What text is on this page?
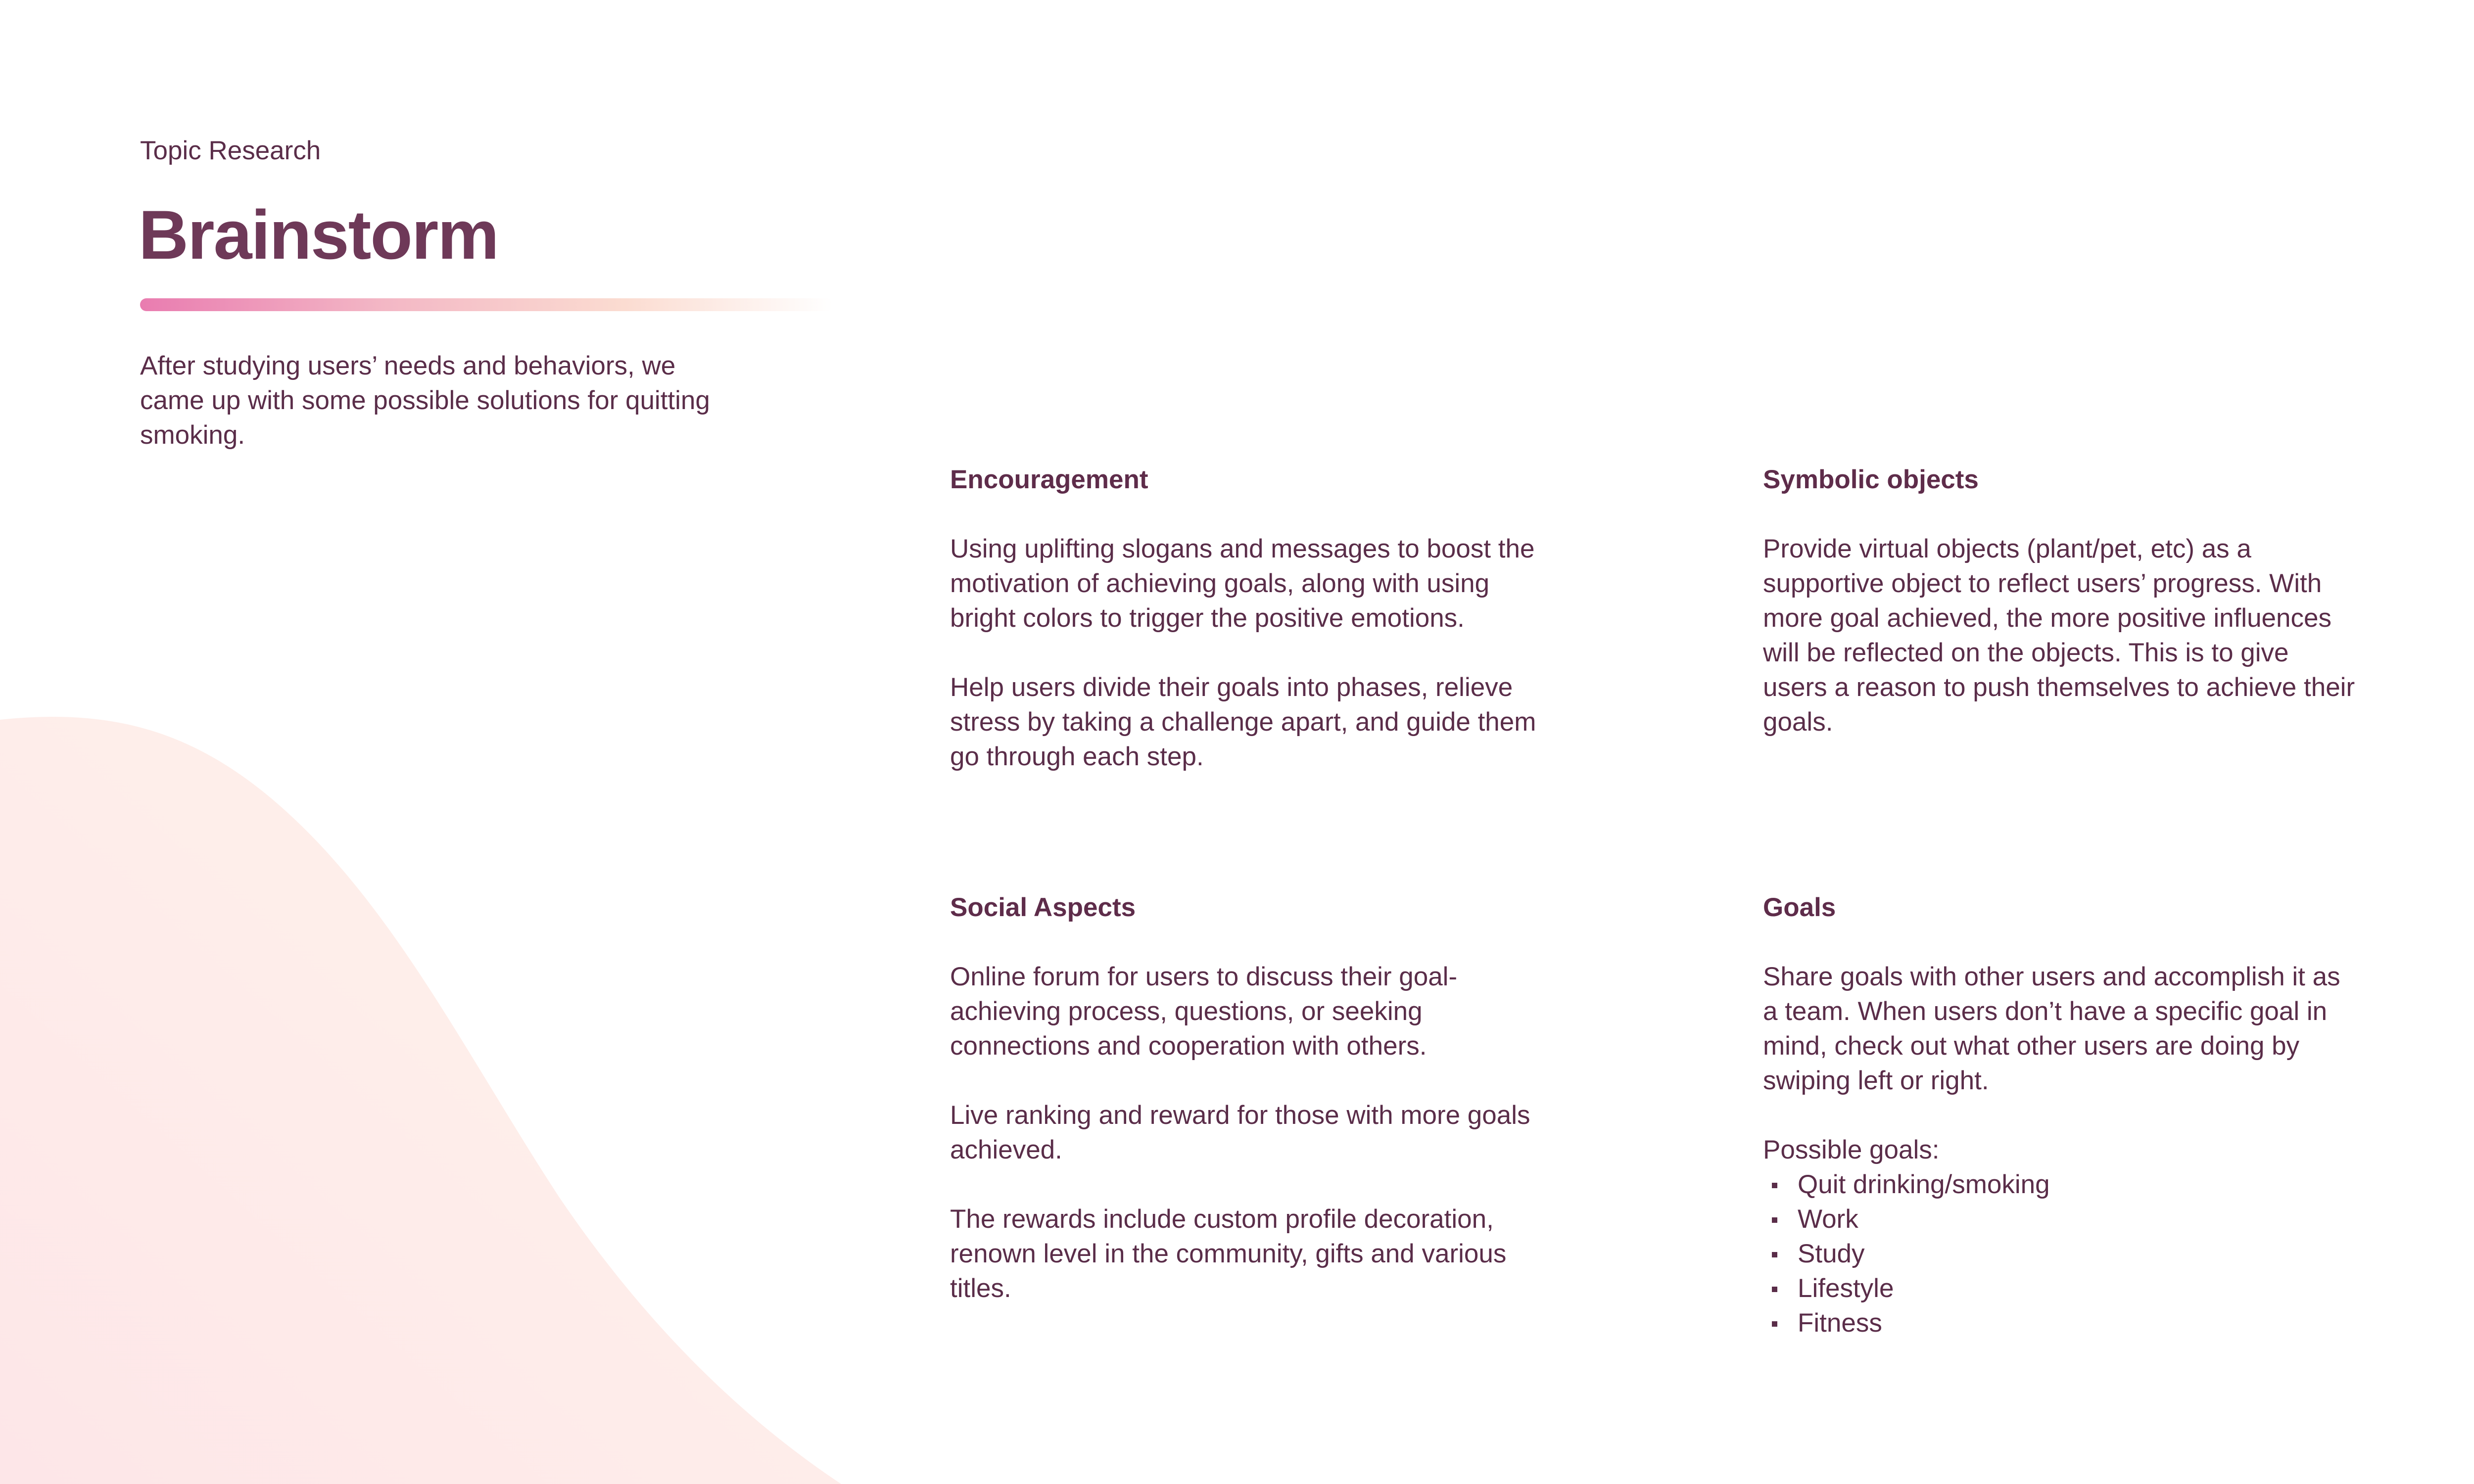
Topic Research
Brainstorm
After studying users’ needs and behaviors, we came up with some possible solutions for quitting smoking.
Encouragement
Using uplifting slogans and messages to boost the motivation of achieving goals, along with using bright colors to trigger the positive emotions.
Help users divide their goals into phases, relieve stress by taking a challenge apart, and guide them go through each step.
Symbolic objects
Provide virtual objects (plant/pet, etc) as a supportive object to reflect users’ progress. With more goal achieved, the more positive influences will be reflected on the objects. This is to give users a reason to push themselves to achieve their goals.
Social Aspects
Online forum for users to discuss their goal-achieving process, questions, or seeking connections and cooperation with others.
Live ranking and reward for those with more goals achieved.
The rewards include custom profile decoration, renown level in the community, gifts and various titles.
Goals
Share goals with other users and accomplish it as a team. When users don’t have a specific goal in mind, check out what other users are doing by swiping left or right.
Possible goals:
Quit drinking/smoking
Work
Study
Lifestyle
Fitness
